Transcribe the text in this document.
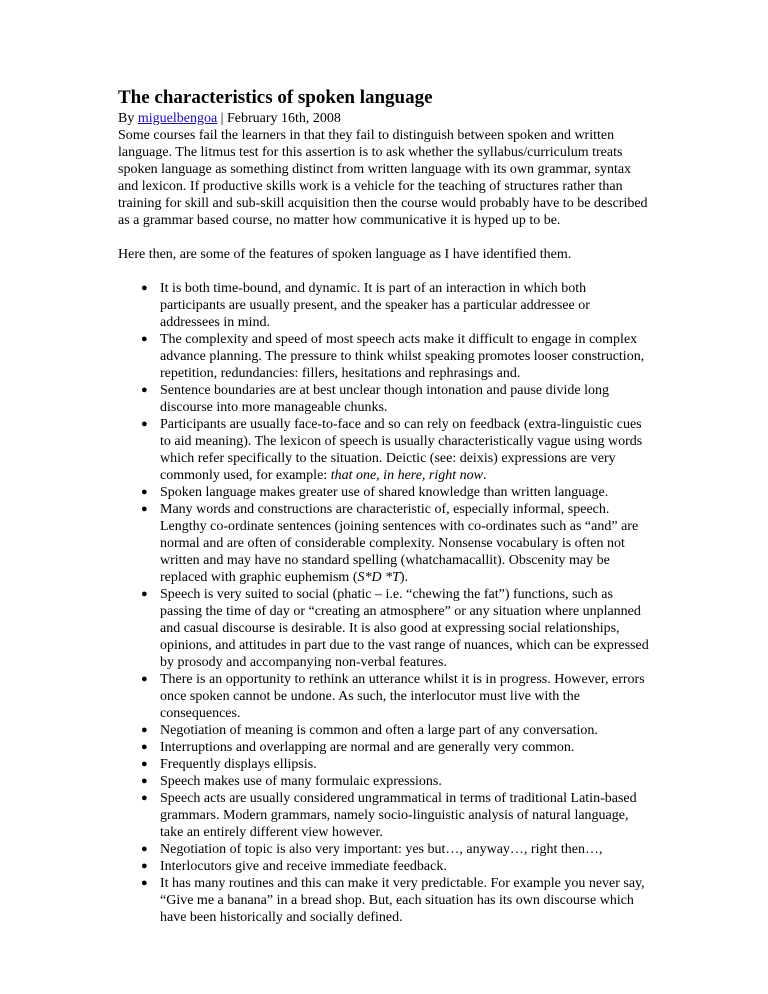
The characteristics of spoken language

By miguelbengoa | February 16th, 2008

Some courses fail the learners in that they fail to distinguish between spoken and written language. The litmus test for this assertion is to ask whether the syllabus/curriculum treats spoken language as something distinct from written language with its own grammar, syntax and lexicon. If productive skills work is a vehicle for the teaching of structures rather than training for skill and sub-skill acquisition then the course would probably have to be described as a grammar based course, no matter how communicative it is hyped up to be.

Here then, are some of the features of spoken language as I have identified them.

● It is both time-bound, and dynamic. It is part of an interaction in which both participants are usually present, and the speaker has a particular addressee or addressees in mind.
● The complexity and speed of most speech acts make it difficult to engage in complex advance planning. The pressure to think whilst speaking promotes looser construction, repetition, redundancies: fillers, hesitations and rephrasings and.
● Sentence boundaries are at best unclear though intonation and pause divide long discourse into more manageable chunks.
● Participants are usually face-to-face and so can rely on feedback (extra-linguistic cues to aid meaning). The lexicon of speech is usually characteristically vague using words which refer specifically to the situation. Deictic (see: deixis) expressions are very commonly used, for example: that one, in here, right now.
● Spoken language makes greater use of shared knowledge than written language.
● Many words and constructions are characteristic of, especially informal, speech. Lengthy co-ordinate sentences (joining sentences with co-ordinates such as “and” are normal and are often of considerable complexity. Nonsense vocabulary is often not written and may have no standard spelling (whatchamacallit). Obscenity may be replaced with graphic euphemism (S*D *T).
● Speech is very suited to social (phatic – i.e. “chewing the fat”) functions, such as passing the time of day or “creating an atmosphere” or any situation where unplanned and casual discourse is desirable. It is also good at expressing social relationships, opinions, and attitudes in part due to the vast range of nuances, which can be expressed by prosody and accompanying non-verbal features.
● There is an opportunity to rethink an utterance whilst it is in progress. However, errors once spoken cannot be undone. As such, the interlocutor must live with the consequences.
● Negotiation of meaning is common and often a large part of any conversation.
● Interruptions and overlapping are normal and are generally very common.
● Frequently displays ellipsis.
● Speech makes use of many formulaic expressions.
● Speech acts are usually considered ungrammatical in terms of traditional Latin-based grammars. Modern grammars, namely socio-linguistic analysis of natural language, take an entirely different view however.
● Negotiation of topic is also very important: yes but…, anyway…, right then…,
● Interlocutors give and receive immediate feedback.
● It has many routines and this can make it very predictable. For example you never say, “Give me a banana” in a bread shop. But, each situation has its own discourse which have been historically and socially defined.
